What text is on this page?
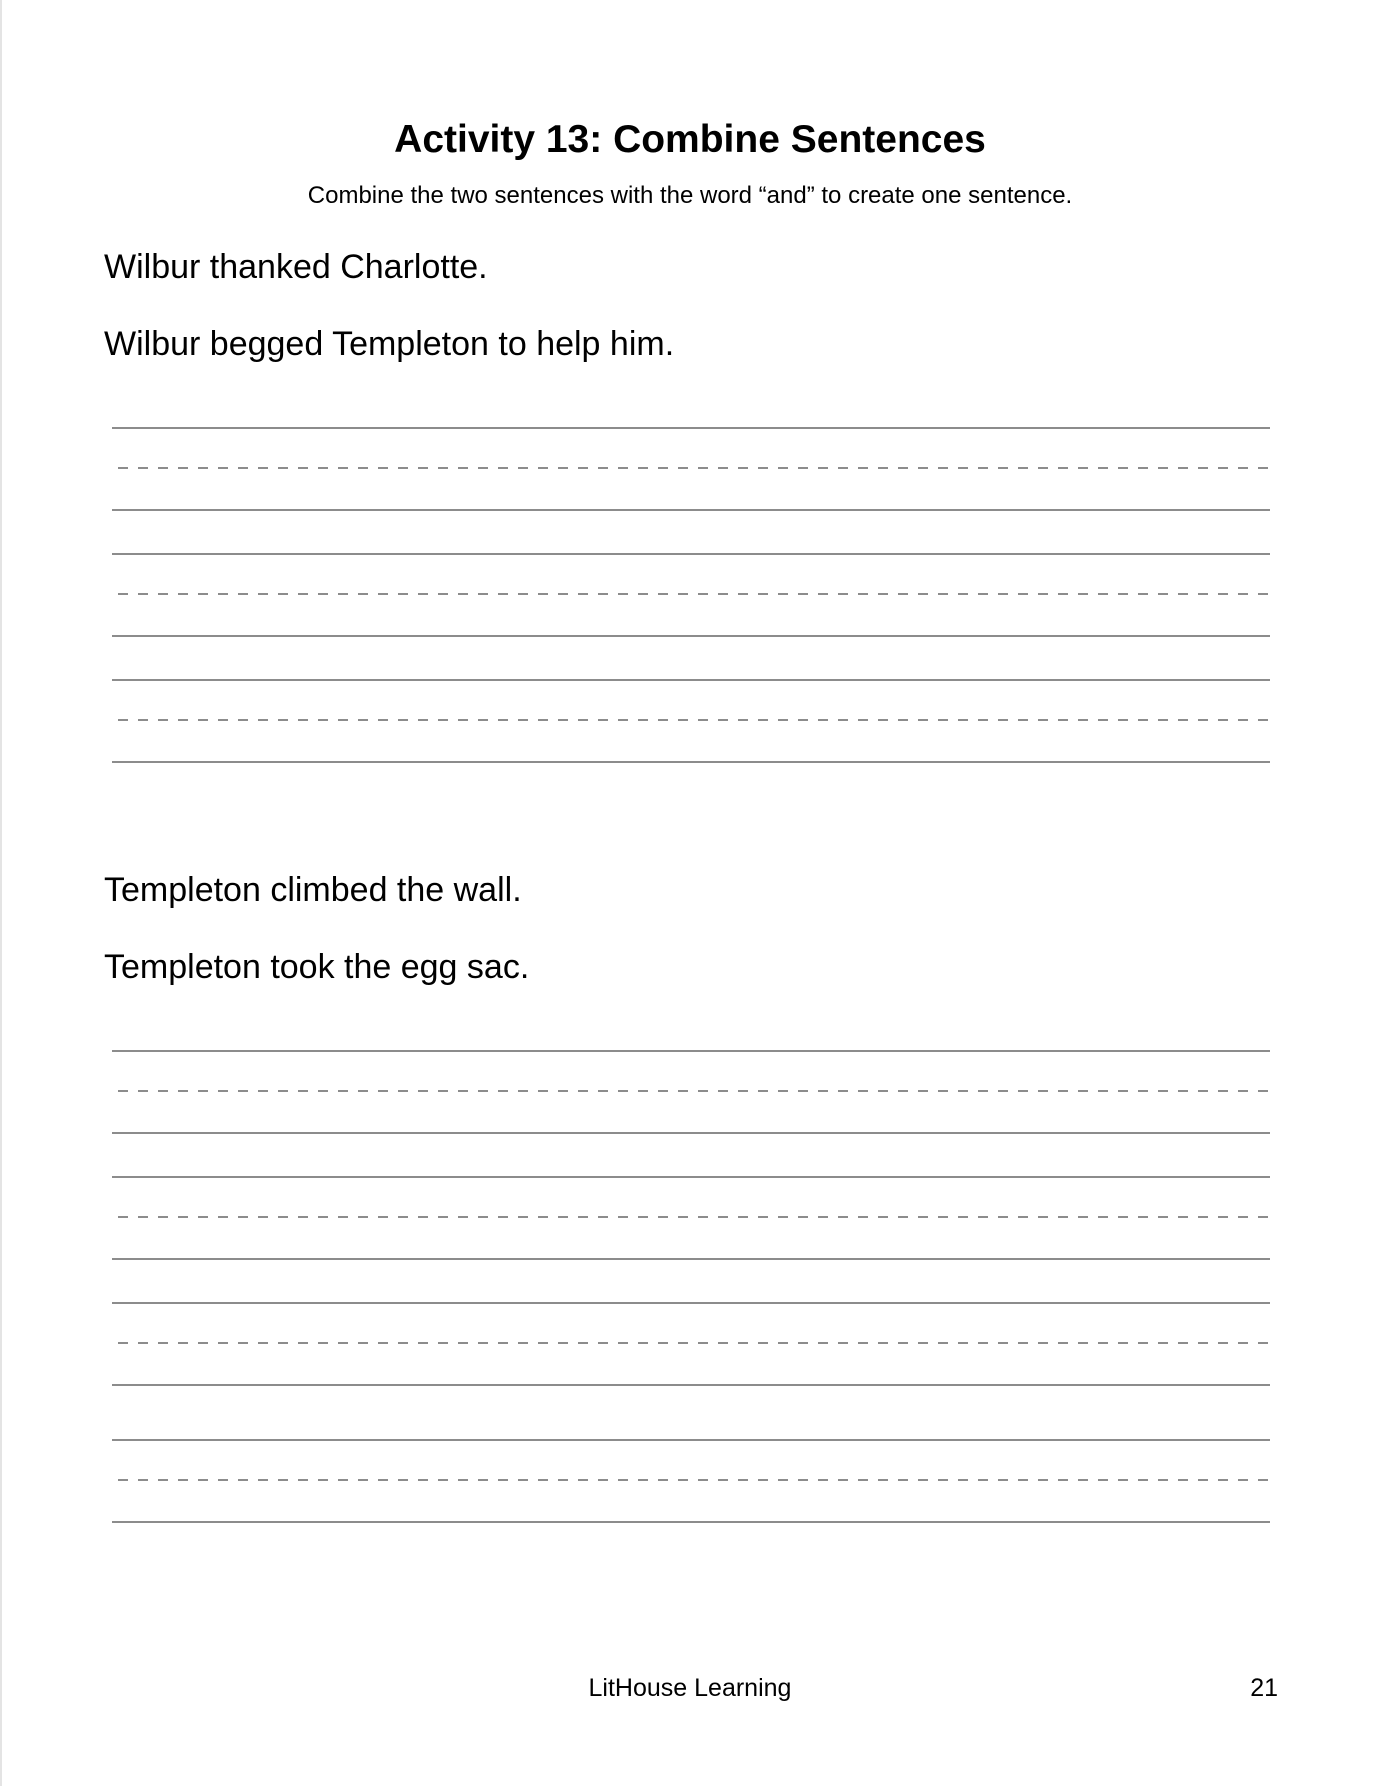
Activity 13: Combine Sentences
Combine the two sentences with the word “and” to create one sentence.
Wilbur thanked Charlotte.
Wilbur begged Templeton to help him.
Templeton climbed the wall.
Templeton took the egg sac.
LitHouse Learning	21
